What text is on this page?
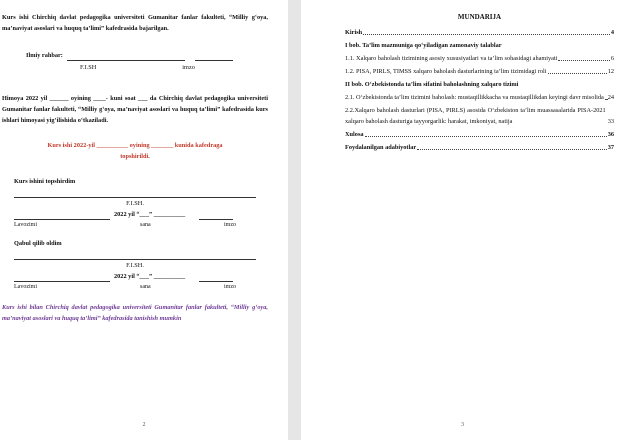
Kurs ishi Chirchiq davlat pedagogika universiteti Gumanitar fanlar fakulteti, “Milliy g‘oya, ma’naviyat asoslari va huquq ta’limi” kafedrasida bajarilgan.
Ilmiy rahbar:
F.I.SH	imzo
Himoya 2022 yil ______ oyining ____- kuni soat ___ da Chirchiq davlat pedagogika universiteti Gumanitar fanlar fakulteti, “Milliy g‘oya, ma’naviyat asoslari va huquq ta’limi” kafedrasida kurs ishlari himoyasi yig‘ilishida o‘tkaziladi.
Kurs ishi 2022-yil __________ oyining _______ kunida kafedraga topshirildi.
Kurs ishini topshirdim
F.I.SH.
2022 yil “___” __________
Lavozimi	sana	imzo
Qabul qilib oldim
F.I.SH.
2022 yil “___” __________
Lavozimi	sana	imzo
Kurs ishi bilan Chirchiq davlat pedagogika universiteti Gumanitar fanlar fakulteti, “Milliy g‘oya, ma’naviyat asoslari va huquq ta’limi” kafedrasida tanishish mumkin
2
MUNDARIJA
Kirish	4
I bob. Ta’lim mazmuniga qo‘yiladigan zamonaviy talablar
1.1. Xalqaro baholash tizimining asosiy xususiyatlari va ta’lim sohasidagi ahamiyati	6
1.2. PISA, PIRLS, TIMSS xalqaro baholash dasturlarining ta’lim tizimidagi roli	12
II bob. O‘zbekistonda ta’lim sifatini baholashning xalqaro tizimi
2.1. O‘zbekistonda ta’lim tizimini baholash: mustaqillikkacha va mustaqillikdan keyingi davr misolida 24
2.2.Xalqaro baholash dasturlari (PISA, PIRLS) asosida O‘zbekiston ta’lim muassasalarida PISA-2021 xalqaro baholash dasturiga tayyorgarlik: harakat, imkoniyat, natija	33
Xulosa	36
Foydalanilgan adabiyotlar	37
3
